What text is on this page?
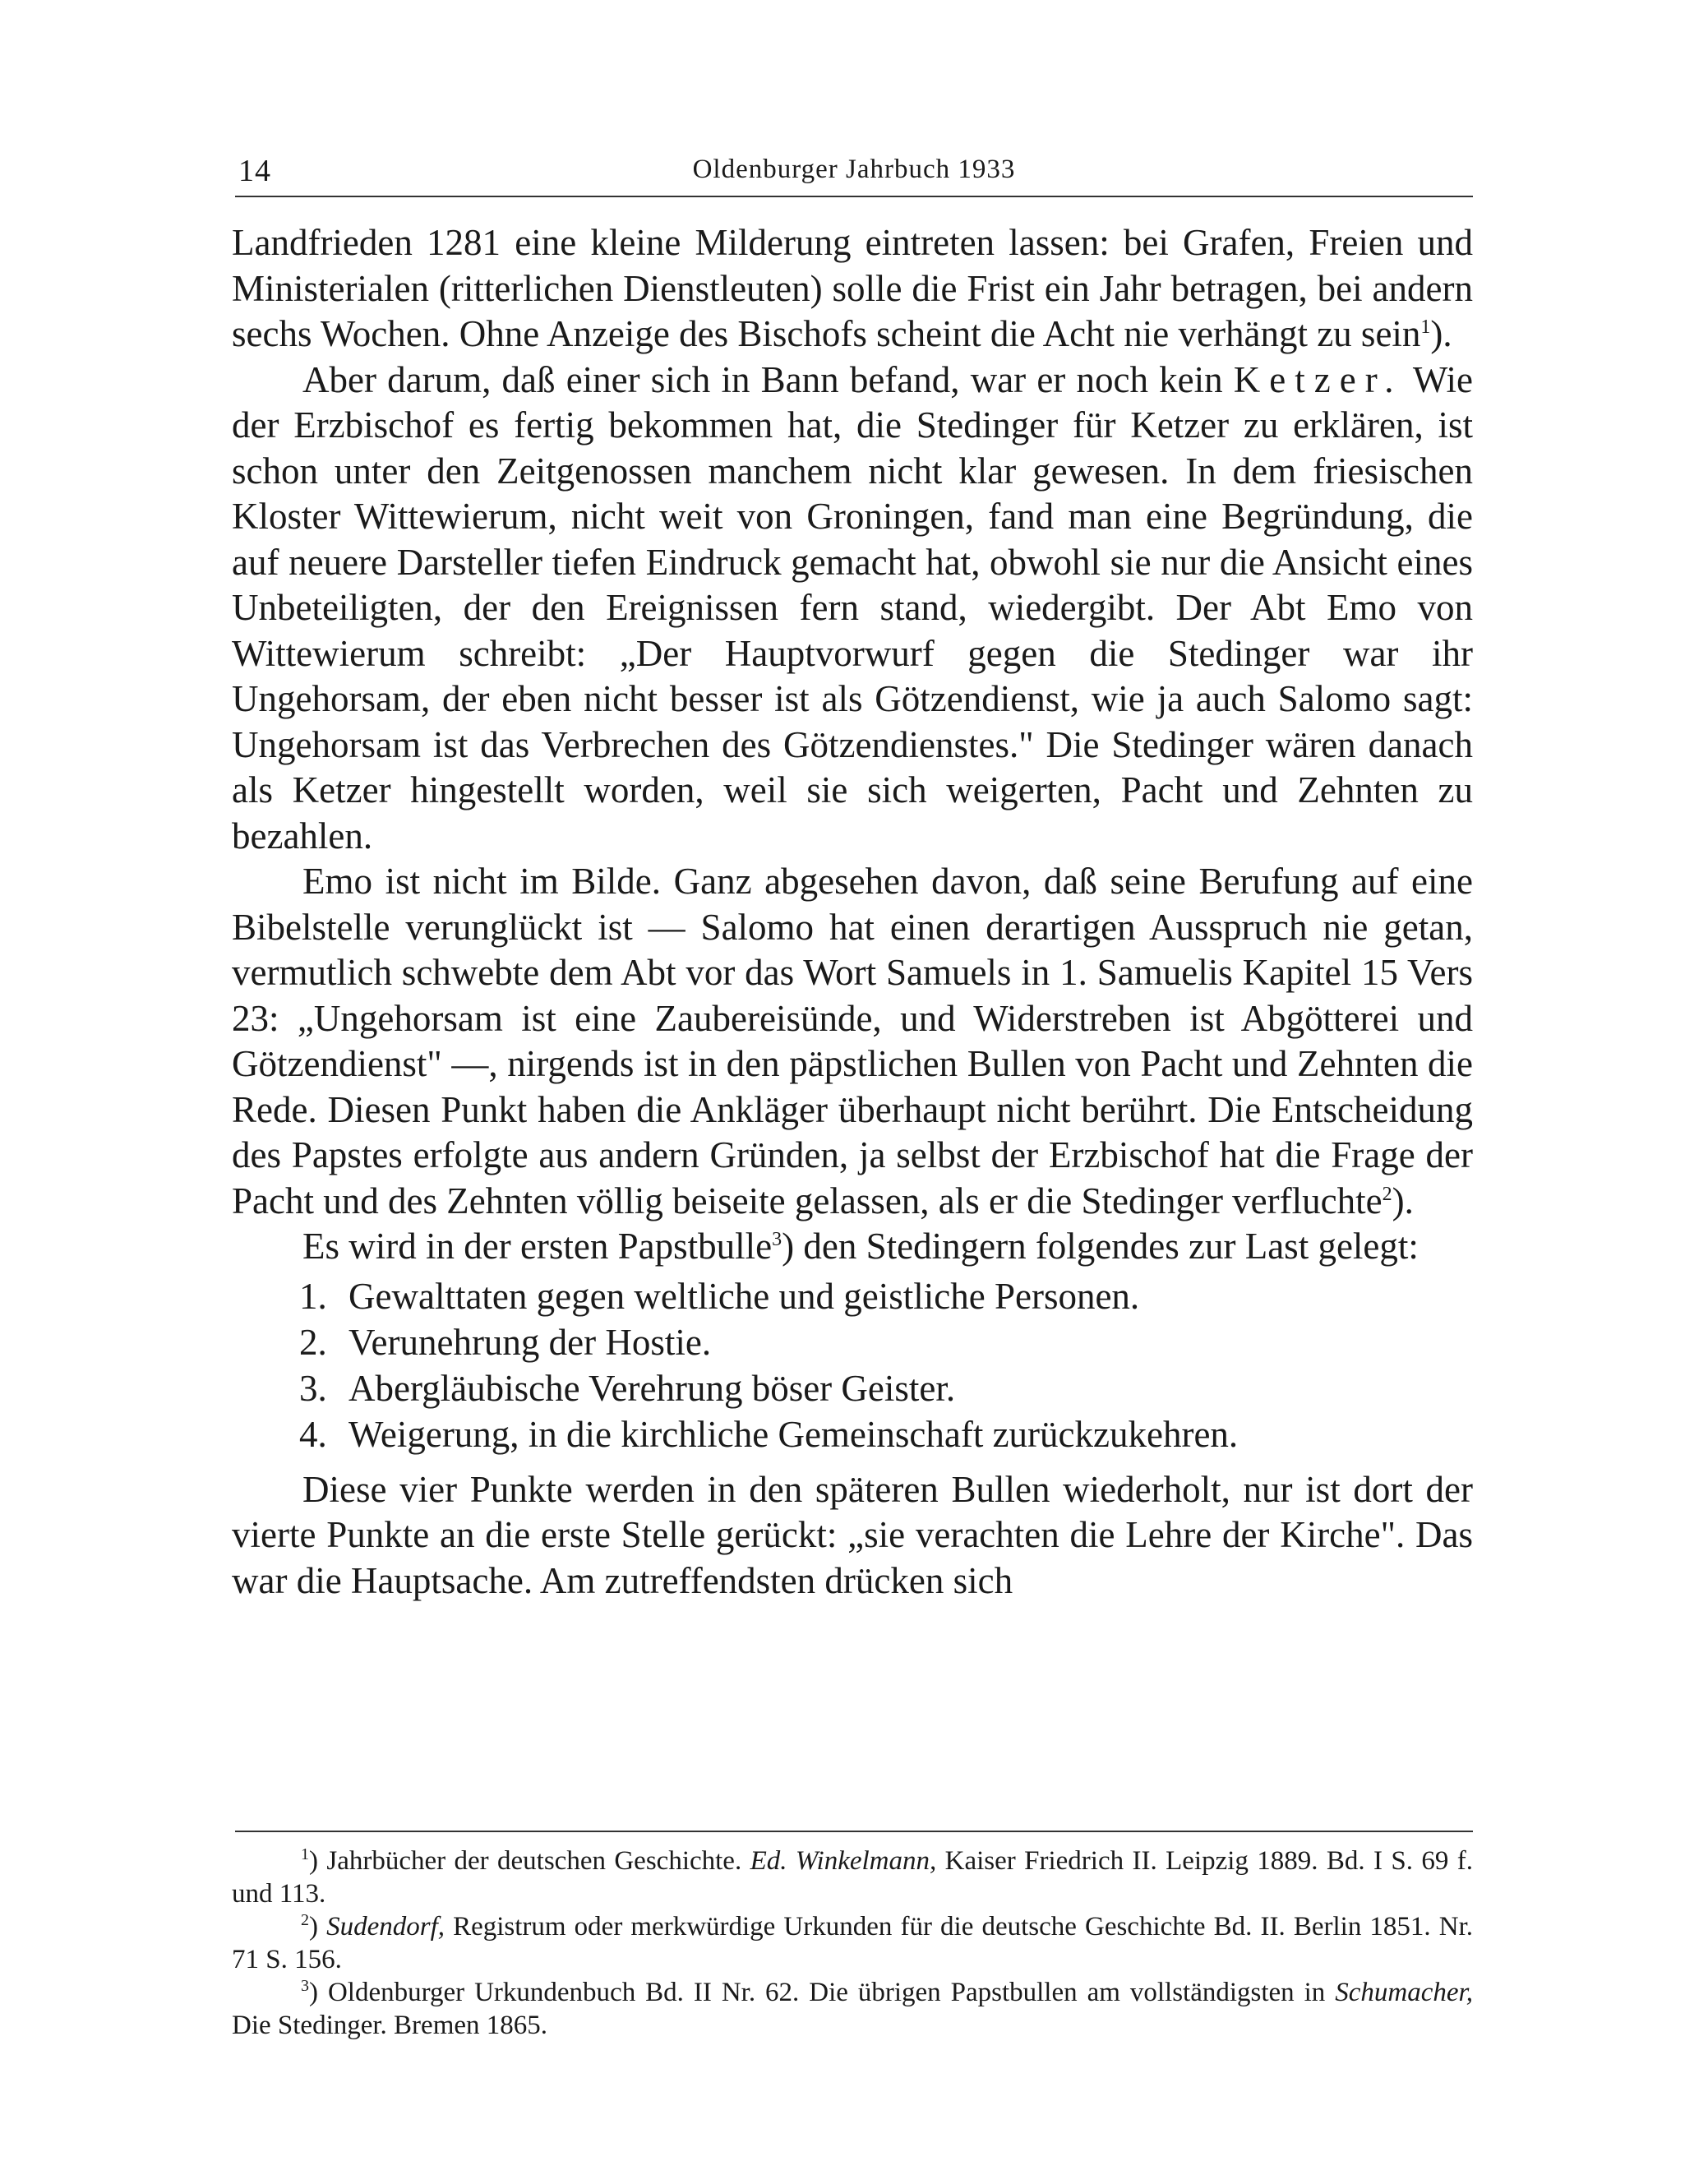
14	Oldenburger Jahrbuch 1933

Landfrieden 1281 eine kleine Milderung eintreten lassen: bei Grafen, Freien und Ministerialen (ritterlichen Dienstleuten) solle die Frist ein Jahr betragen, bei andern sechs Wochen. Ohne Anzeige des Bischofs scheint die Acht nie verhängt zu sein$^1$).

Aber darum, daß einer sich in Bann befand, war er noch kein Ketzer. Wie der Erzbischof es fertig bekommen hat, die Stedinger für Ketzer zu erklären, ist schon unter den Zeitgenossen manchem nicht klar gewesen. In dem friesischen Kloster Wittewierum, nicht weit von Groningen, fand man eine Begründung, die auf neuere Darsteller tiefen Eindruck gemacht hat, obwohl sie nur die Ansicht eines Unbeteiligten, der den Ereignissen fern stand, wiedergibt. Der Abt Emo von Wittewierum schreibt: „Der Hauptvorwurf gegen die Stedinger war ihr Ungehorsam, der eben nicht besser ist als Götzendienst, wie ja auch Salomo sagt: Ungehorsam ist das Verbrechen des Götzendienstes." Die Stedinger wären danach als Ketzer hingestellt worden, weil sie sich weigerten, Pacht und Zehnten zu bezahlen.

Emo ist nicht im Bilde. Ganz abgesehen davon, daß seine Berufung auf eine Bibelstelle verunglückt ist — Salomo hat einen derartigen Ausspruch nie getan, vermutlich schwebte dem Abt vor das Wort Samuels in 1. Samuelis Kapitel 15 Vers 23: „Ungehorsam ist eine Zaubereisünde, und Widerstreben ist Abgötterei und Götzendienst" —, nirgends ist in den päpstlichen Bullen von Pacht und Zehnten die Rede. Diesen Punkt haben die Ankläger überhaupt nicht berührt. Die Entscheidung des Papstes erfolgte aus andern Gründen, ja selbst der Erzbischof hat die Frage der Pacht und des Zehnten völlig beiseite gelassen, als er die Stedinger verfluchte$^2$).

Es wird in der ersten Papstbulle$^3$) den Stedingern folgendes zur Last gelegt:

1. Gewalttaten gegen weltliche und geistliche Personen.
2. Verunehrung der Hostie.
3. Abergläubische Verehrung böser Geister.
4. Weigerung, in die kirchliche Gemeinschaft zurückzukehren.

Diese vier Punkte werden in den späteren Bullen wiederholt, nur ist dort der vierte Punkte an die erste Stelle gerückt: „sie verachten die Lehre der Kirche". Das war die Hauptsache. Am zutreffendsten drücken sich

$^1$) Jahrbücher der deutschen Geschichte. Ed. Winkelmann, Kaiser Friedrich II. Leipzig 1889. Bd. I S. 69 f. und 113.

$^2$) Sudendorf, Registrum oder merkwürdige Urkunden für die deutsche Geschichte Bd. II. Berlin 1851. Nr. 71 S. 156.

$^3$) Oldenburger Urkundenbuch Bd. II Nr. 62. Die übrigen Papstbullen am vollständigsten in Schumacher, Die Stedinger. Bremen 1865.
